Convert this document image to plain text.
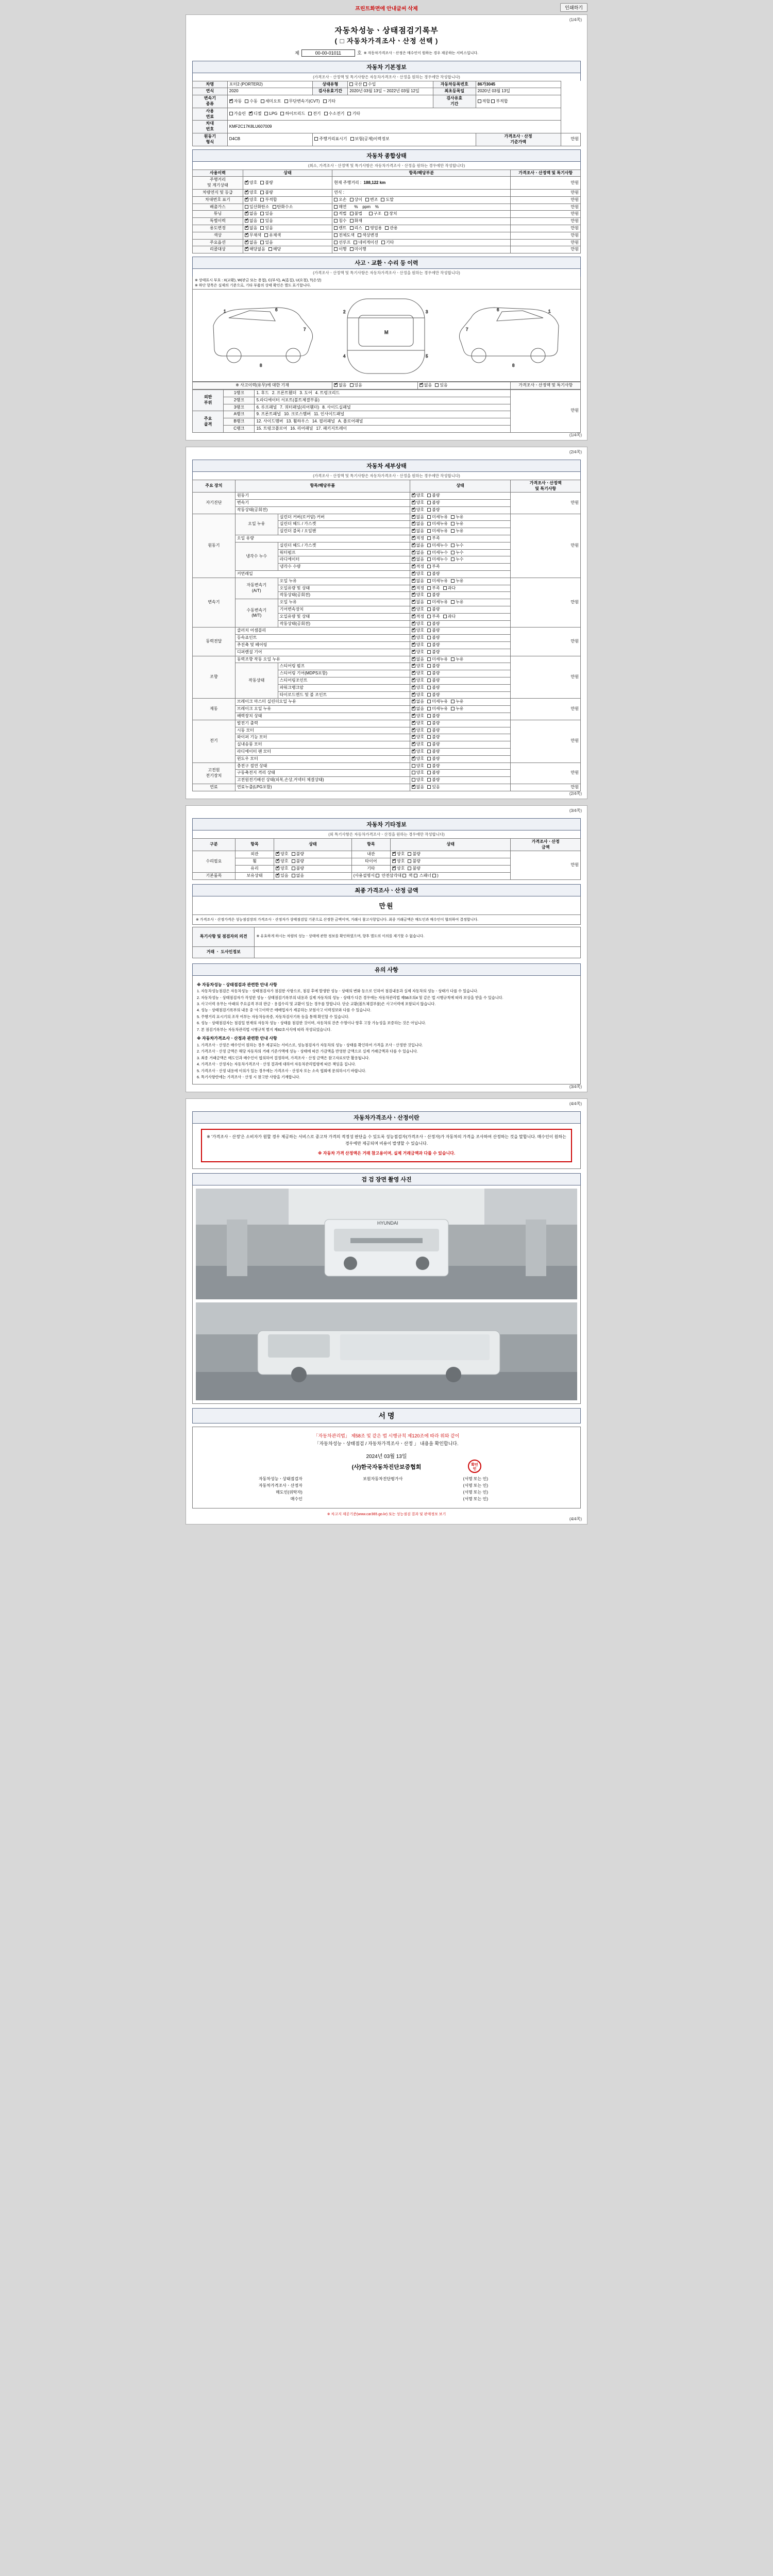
프린트화면에 안내글씨 삭제	인쇄하기
(1/4쪽)
자동차성능ㆍ상태점검기록부
( □ 자동차가격조사ㆍ산정 선택 )
제	00-00-01011	호 ※ 자동차가격조사ㆍ산정은 매수인이 원하는 경우 제공하는 서비스입니다.
자동차 기본정보
(가격조사ㆍ산정액 및 특기사항은 자동차가격조사ㆍ산정을 원하는 경우에만 작성합니다)
차명	포터2 (PORTER2)	상태유형	국산 수입	자동차등록번호	86가3045	
연식	2020	검사유효기간	2020년 03월 13일 ~ 2022년 03월 12일	최초등록일	2020년 03월 13일	
변속기
종류	✔자동 수동 세미오토 무단변속기(CVT) 기타			검사유효
기간	적합 부적합	
사용
연료	가솔린 ✔ 디젤 LPG 하이브리드 전기 수소전기 기타
차대
번호	KMF2C17K8LU607009					
원동기
형식	D4CB	주행거리표시기 보험(공제)이력정보			가격조사ㆍ산정
기준가액	만원
자동차 종합상태
(최소, 가격조사ㆍ산정액 및 특기사항은 자동차가격조사ㆍ산정을 원하는 경우에만 작성합니다)
사용이력	상태	항목/해당부분	가격조사ㆍ산정액 및 특기사항
주행거리
및 계기상태	✔양호 불량	현재 주행거리 :  188,122 km	만원
차량연식 및 등급	✔양호 불량	연식 :	만원
차대번호 표기	✔양호 부적합	오손 상이 변조 도말	만원
배출가스	일산화탄소 탄화수소	매연    %    ppm    %	만원
튜닝	✔없음 있음	적법 불법 구조 장치	만원
특별이력	✔없음 있음	침수 화재	만원
용도변경	✔없음 있음	렌트 리스 영업용 관용	만원
색상	✔무채색 유채색	전체도색 색상변경	만원
주요옵션	✔없음 있음	선루프 네비게이션 기타	만원
리콜대상	✔해당없음 해당	이행 미이행	만원
사고ㆍ교환ㆍ수리 등 이력
(가격조사ㆍ산정액 및 특기사항은 자동차가격조사ㆍ산정을 원하는 경우에만 작성합니다)
※ 상태표시 부호 : X(교환), W(판금 또는 용접), C(부식), A(흠집), U(요철), T(손상)
※ 하단 항목은 실제의 기준으로, 기타 부품의 상태 확인은 별도 표기합니다.
1	6
7
8
M
2	3
4	5
1
6
7
8
※ 사고이력(유무)에 대한 기재	✔없음 있음	✔없음 있음	가격조사ㆍ산정액 및 특기사항
외판
부위	1랭크	1. 후드 2. 프론트휀더 3. 도어 4. 트렁크리드	만원
	2랭크	5.라디에이터 서포트(볼트체결부품)	
	3랭크	6. 루프패널 7. 쿼터패널(리어휀더) 8. 사이드실패널	
주요
골격	A랭크	9. 프론트패널 10. 크로스멤버 11. 인사이드패널	
	B랭크	12. 사이드멤버 13. 휠하우스 14. 필러패널 A. 플로어패널	
	C랭크	15. 트렁크플로어 16. 리어패널 17. 패키지트레이	
(1/4쪽)
(2/4쪽)
자동차 세부상태
(가격조사ㆍ산정액 및 특기사항은 자동차가격조사ㆍ산정을 원하는 경우에만 작성합니다)
주요 장치	항목/해당부품		상태	가격조사ㆍ산정액
및 특기사항
자기진단	원동기	✔양호 불량	만원
	변속기	✔양호 불량
	작동상태(공회전)	✔양호 불량
원동기	오일 누유	실린더 커버(로커암) 커버	✔없음 미세누유 누유	만원
		실린더 헤드 / 가스켓	✔없음 미세누유 누유
		실린더 블록 / 오일팬	✔없음 미세누유 누유
	오일 유량	✔적정 부족
	냉각수 누수	실린더 헤드 / 가스켓	✔없음 미세누수 누수
		워터펌프	✔없음 미세누수 누수
		라디에이터	✔없음 미세누수 누수
		냉각수 수량	✔적정 부족
	커먼레일	✔양호 불량
변속기	자동변속기
(A/T)	오일 누유	✔없음 미세누유 누유	만원
		오일유량 및 상태	✔적정 부족 과다
		작동상태(공회전)	✔양호 불량
	수동변속기
(M/T)	오일 누유	✔없음 미세누유 누유
		기어변속장치	✔양호 불량
		오일유량 및 상태	✔적정 부족 과다
		작동상태(공회전)	✔양호 불량
동력전달	클러치 어셈블리	✔양호 불량	만원
	등속죠인트	✔양호 불량
	추진축 및 베어링	✔양호 불량
	디퍼렌셜 기어	✔양호 불량
조향	동력조향 작동 오일 누유	✔없음 미세누유 누유	만원
	작동상태	스티어링 펌프	✔양호 불량
		스티어링 기어(MDPS포함)	✔양호 불량
		스티어링조인트	✔양호 불량
		파워크랭크암	✔양호 불량
		타이로드엔드 및 볼 조인트	✔양호 불량
제동	브레이크 마스터 실린더오일 누유	✔없음 미세누유 누유	만원
	브레이크 오일 누유	✔없음 미세누유 누유
	배력장치 상태	✔양호 불량
전기	발전기 출력	✔양호 불량	만원
	시동 모터	✔양호 불량
	와이퍼 기능 모터	✔양호 불량
	실내송풍 모터	✔양호 불량
	라디에이터 팬 모터	✔양호 불량
	윈도우 모터	✔양호 불량
고전원
전기장치	충전구 절연 상태		양호 불량	만원
	구동축전지 격리 상태		양호 불량	
	고전원전기배선 상태(피복,손상,커넥터 체결상태)		양호 불량	
연료	연료누출(LPG포함)	✔없음 있음	만원
(2/4쪽)
(3/4쪽)
자동차 기타정보
(외 특기사항은 자동차가격조사ㆍ산정을 원하는 경우에만 작성합니다)
구분	항목	상태	항목	상태	가격조사ㆍ산정
금액
수리필요	외관	✔양호 불량	내관	✔양호 불량	만원
	휠	✔양호 불량	타이어	✔양호 불량
	유리	✔양호 불량	기타	✔양호 불량
기본품목	보유상태	✔있음 없음	(사용설명서  안전삼각대  잭  스패너 )		
최종 가격조사ㆍ산정 금액
만원
※ 가격조사ㆍ산정가격은 성능점검장의 가격조사ㆍ산정자가 상태점검일 기준으로 산정한 금액이며, 거래시 참고사항입니다. 최종 거래금액은 매도인과 매수인이 협의하여 결정합니다.
특기사항 및 점검자의 의견	※ 유효하게 하시는 차량의 성능ㆍ상태에 관한 정보를 확인하였으며, 향후 별도의 이의를 제기할 수 없습니다.
거래 ㆍ 도사인정보	
유의 사항
※ 자동차성능ㆍ상태점검과 관련한 안내 사항

1. 자동차성능점검은 자동차성능ㆍ상태점검자가 점검한 사항으로, 점검 후에 발생한 성능ㆍ상태의 변화 등으로 인하여 점검내용과 실제 자동차의 성능ㆍ상태가 다를 수 있습니다.

2. 자동차성능ㆍ상태점검자가 작성한 성능ㆍ상태점검기록부의 내용과 실제 자동차의 성능ㆍ상태가 다른 경우에는 자동차관리법 제58조의4 및 같은 법 시행규칙에 따라 보상을 받을 수 있습니다.

3. 사고이력 유무는 아래의 주요골격 부위 판금ㆍ용접수리 및 교환이 있는 경우를 말합니다. 단순 교환(볼트체결부품)은 사고이력에 포함되지 않습니다.

4. 성능ㆍ상태점검기록부의 내용 중 '사고이력'은 매매업자가 제공하는 보험사고 이력정보와 다를 수 있습니다.

5. 주행거리 표시기의 조작 여부는 자동차등록증, 자동차검사기록 등을 통해 확인할 수 있습니다.

6. 성능ㆍ상태점검자는 점검일 현재의 자동차 성능ㆍ상태를 점검한 것이며, 자동차의 잔존 수명이나 향후 고장 가능성을 보증하는 것은 아닙니다.

7. 본 점검기록부는 자동차관리법 시행규칙 별지 제82호서식에 따라 작성되었습니다.

※ 자동차가격조사ㆍ산정과 관련한 안내 사항

1. 가격조사ㆍ산정은 매수인이 원하는 경우 제공되는 서비스로, 성능점검자가 자동차의 성능ㆍ상태를 확인하여 가격을 조사ㆍ산정한 것입니다.

2. 가격조사ㆍ산정 금액은 해당 자동차의 거래 기준가액에 성능ㆍ상태에 따른 가감액을 반영한 금액으로 실제 거래금액과 다를 수 있습니다.

3. 최종 거래금액은 매도인과 매수인이 협의하여 결정하며, 가격조사ㆍ산정 금액은 참고자료로만 활용됩니다.

4. 가격조사ㆍ산정자는 자동차가격조사ㆍ산정 결과에 대하여 자동차관리법령에 따른 책임을 집니다.

5. 가격조사ㆍ산정 내용에 이의가 있는 경우에는 가격조사ㆍ산정자 또는 소속 협회에 문의하시기 바랍니다.

6. 특기사항란에는 가격조사ㆍ산정 시 참고한 사항을 기재합니다.

(3/4쪽)
(4/4쪽)
자동차가격조사ㆍ산정이란
※ '가격조사ㆍ산정'은 소비자가 원할 경우 제공하는 서비스로 중고차 가격의 적정성 판단을 수 있도록 성능점검자(가격조사ㆍ산정자)가 자동차의 가격을 조사하여 산정하는 것을 말합니다. 매수인이 원하는 경우에만 제공되며 비용이 발생할 수 있습니다.
※ 자동차 가격 산정액은 거래 참고용이며, 실제 거래금액과 다를 수 있습니다.
검 검 장면 촬영 사진
HYUNDAI
서 명
「자동차관리법」 제58조 및 같은 법 시행규칙 제120조에 따라 위와 같이
「자동차성능ㆍ상태점검 / 자동차가격조사ㆍ산정 」 내용을 확인합니다.
2024년 03월 13일
(사)한국자동차진단보증협회	확인
인
자동차성능ㆍ상태점검자	보원자동차진단평가사	(서명 또는 인)
자동차가격조사ㆍ산정자		(서명 또는 인)
매도인(위탁자)		(서명 또는 인)
매수인		(서명 또는 인)
※ 차고지 제공기준(www.car365.go.kr) 또는 성능점검 결과 및 판매정보 보기
(4/4쪽)
